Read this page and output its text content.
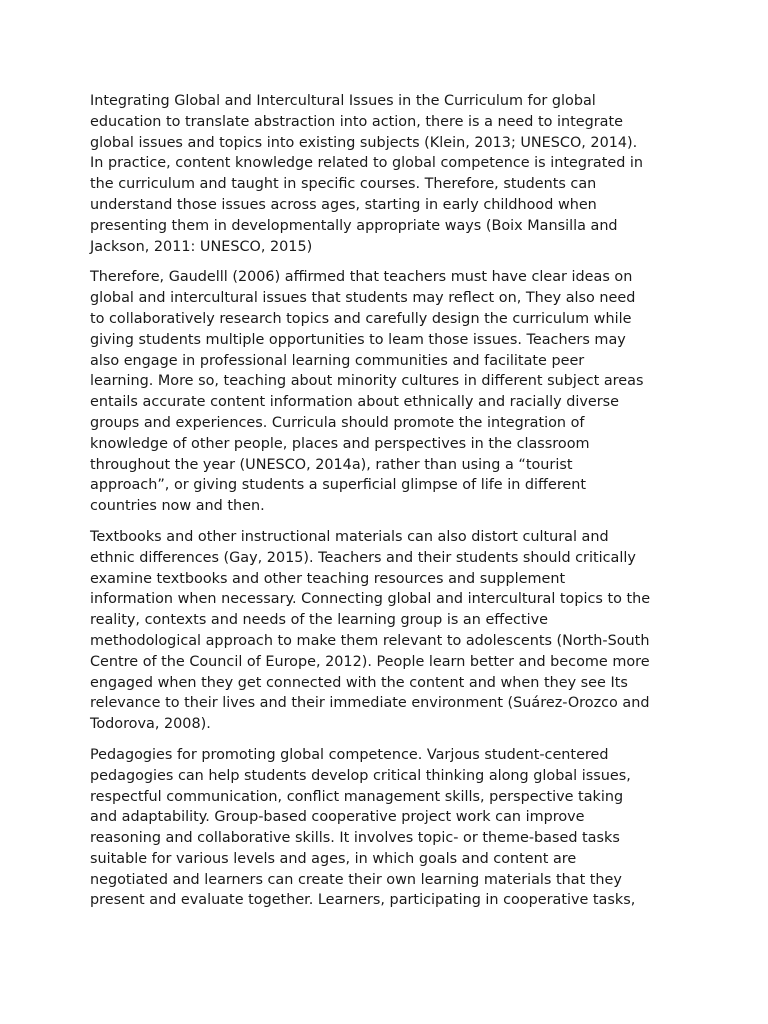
Integrating Global and Intercultural Issues in the Curriculum for global
education to translate abstraction into action, there is a need to integrate
global issues and topics into existing subjects (Klein, 2013; UNESCO, 2014).
In practice, content knowledge related to global competence is integrated in
the curriculum and taught in specific courses. Therefore, students can
understand those issues across ages, starting in early childhood when
presenting them in developmentally appropriate ways (Boix Mansilla and
Jackson, 2011: UNESCO, 2015)

Therefore, Gaudelll (2006) affirmed that teachers must have clear ideas on
global and intercultural issues that students may reflect on, They also need
to collaboratively research topics and carefully design the curriculum while
giving students multiple opportunities to leam those issues. Teachers may
also engage in professional learning communities and facilitate peer
learning. More so, teaching about minority cultures in different subject areas
entails accurate content information about ethnically and racially diverse
groups and experiences. Curricula should promote the integration of
knowledge of other people, places and perspectives in the classroom
throughout the year (UNESCO, 2014a), rather than using a “tourist
approach”, or giving students a superficial glimpse of life in different
countries now and then.

Textbooks and other instructional materials can also distort cultural and
ethnic differences (Gay, 2015). Teachers and their students should critically
examine textbooks and other teaching resources and supplement
information when necessary. Connecting global and intercultural topics to the
reality, contexts and needs of the learning group is an effective
methodological approach to make them relevant to adolescents (North-South
Centre of the Council of Europe, 2012). People learn better and become more
engaged when they get connected with the content and when they see Its
relevance to their lives and their immediate environment (Suárez-Orozco and
Todorova, 2008).

Pedagogies for promoting global competence. Varjous student-centered
pedagogies can help students develop critical thinking along global issues,
respectful communication, conflict management skills, perspective taking
and adaptability. Group-based cooperative project work can improve
reasoning and collaborative skills. It involves topic- or theme-based tasks
suitable for various levels and ages, in which goals and content are
negotiated and learners can create their own learning materials that they
present and evaluate together. Learners, participating in cooperative tasks,
